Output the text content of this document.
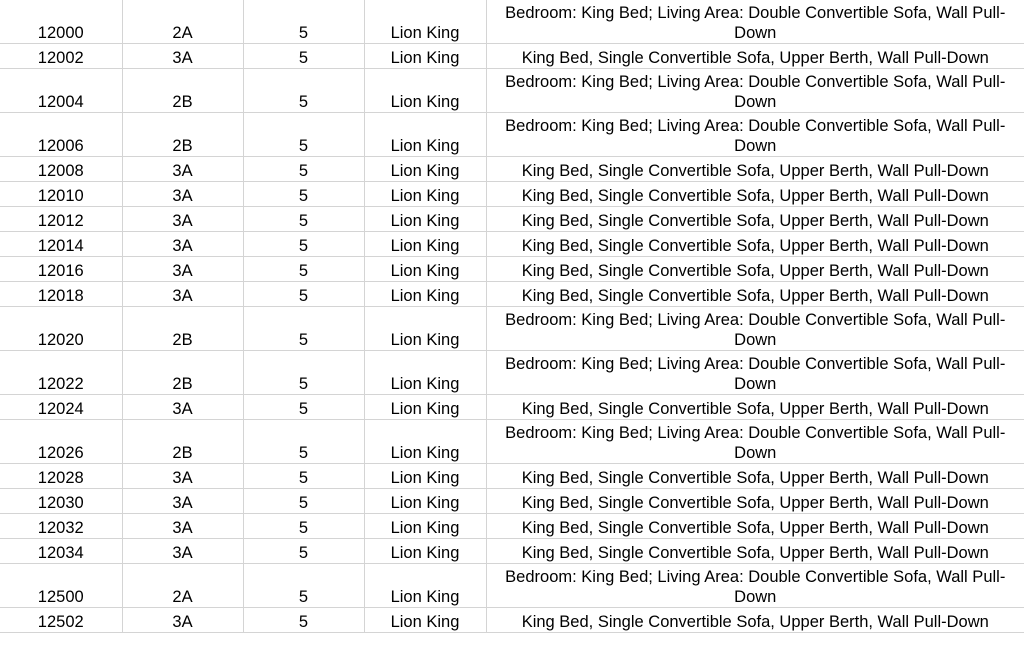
12000	2A	5	Lion King	Bedroom: King Bed; Living Area: Double Convertible Sofa, Wall Pull-Down
12002	3A	5	Lion King	King Bed, Single Convertible Sofa, Upper Berth, Wall Pull-Down
12004	2B	5	Lion King	Bedroom: King Bed; Living Area: Double Convertible Sofa, Wall Pull-Down
12006	2B	5	Lion King	Bedroom: King Bed; Living Area: Double Convertible Sofa, Wall Pull-Down
12008	3A	5	Lion King	King Bed, Single Convertible Sofa, Upper Berth, Wall Pull-Down
12010	3A	5	Lion King	King Bed, Single Convertible Sofa, Upper Berth, Wall Pull-Down
12012	3A	5	Lion King	King Bed, Single Convertible Sofa, Upper Berth, Wall Pull-Down
12014	3A	5	Lion King	King Bed, Single Convertible Sofa, Upper Berth, Wall Pull-Down
12016	3A	5	Lion King	King Bed, Single Convertible Sofa, Upper Berth, Wall Pull-Down
12018	3A	5	Lion King	King Bed, Single Convertible Sofa, Upper Berth, Wall Pull-Down
12020	2B	5	Lion King	Bedroom: King Bed; Living Area: Double Convertible Sofa, Wall Pull-Down
12022	2B	5	Lion King	Bedroom: King Bed; Living Area: Double Convertible Sofa, Wall Pull-Down
12024	3A	5	Lion King	King Bed, Single Convertible Sofa, Upper Berth, Wall Pull-Down
12026	2B	5	Lion King	Bedroom: King Bed; Living Area: Double Convertible Sofa, Wall Pull-Down
12028	3A	5	Lion King	King Bed, Single Convertible Sofa, Upper Berth, Wall Pull-Down
12030	3A	5	Lion King	King Bed, Single Convertible Sofa, Upper Berth, Wall Pull-Down
12032	3A	5	Lion King	King Bed, Single Convertible Sofa, Upper Berth, Wall Pull-Down
12034	3A	5	Lion King	King Bed, Single Convertible Sofa, Upper Berth, Wall Pull-Down
12500	2A	5	Lion King	Bedroom: King Bed; Living Area: Double Convertible Sofa, Wall Pull-Down
12502	3A	5	Lion King	King Bed, Single Convertible Sofa, Upper Berth, Wall Pull-Down
